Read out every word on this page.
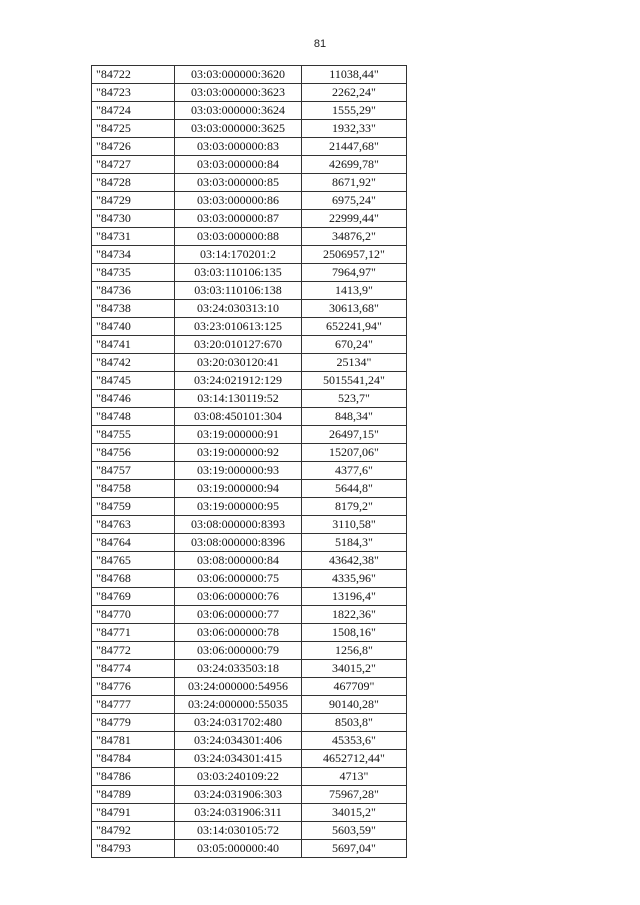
81
"84722	03:03:000000:3620	11038,44"
"84723	03:03:000000:3623	2262,24"
"84724	03:03:000000:3624	1555,29"
"84725	03:03:000000:3625	1932,33"
"84726	03:03:000000:83	21447,68"
"84727	03:03:000000:84	42699,78"
"84728	03:03:000000:85	8671,92"
"84729	03:03:000000:86	6975,24"
"84730	03:03:000000:87	22999,44"
"84731	03:03:000000:88	34876,2"
"84734	03:14:170201:2	2506957,12"
"84735	03:03:110106:135	7964,97"
"84736	03:03:110106:138	1413,9"
"84738	03:24:030313:10	30613,68"
"84740	03:23:010613:125	652241,94"
"84741	03:20:010127:670	670,24"
"84742	03:20:030120:41	25134"
"84745	03:24:021912:129	5015541,24"
"84746	03:14:130119:52	523,7"
"84748	03:08:450101:304	848,34"
"84755	03:19:000000:91	26497,15"
"84756	03:19:000000:92	15207,06"
"84757	03:19:000000:93	4377,6"
"84758	03:19:000000:94	5644,8"
"84759	03:19:000000:95	8179,2"
"84763	03:08:000000:8393	3110,58"
"84764	03:08:000000:8396	5184,3"
"84765	03:08:000000:84	43642,38"
"84768	03:06:000000:75	4335,96"
"84769	03:06:000000:76	13196,4"
"84770	03:06:000000:77	1822,36"
"84771	03:06:000000:78	1508,16"
"84772	03:06:000000:79	1256,8"
"84774	03:24:033503:18	34015,2"
"84776	03:24:000000:54956	467709"
"84777	03:24:000000:55035	90140,28"
"84779	03:24:031702:480	8503,8"
"84781	03:24:034301:406	45353,6"
"84784	03:24:034301:415	4652712,44"
"84786	03:03:240109:22	4713"
"84789	03:24:031906:303	75967,28"
"84791	03:24:031906:311	34015,2"
"84792	03:14:030105:72	5603,59"
"84793	03:05:000000:40	5697,04"
